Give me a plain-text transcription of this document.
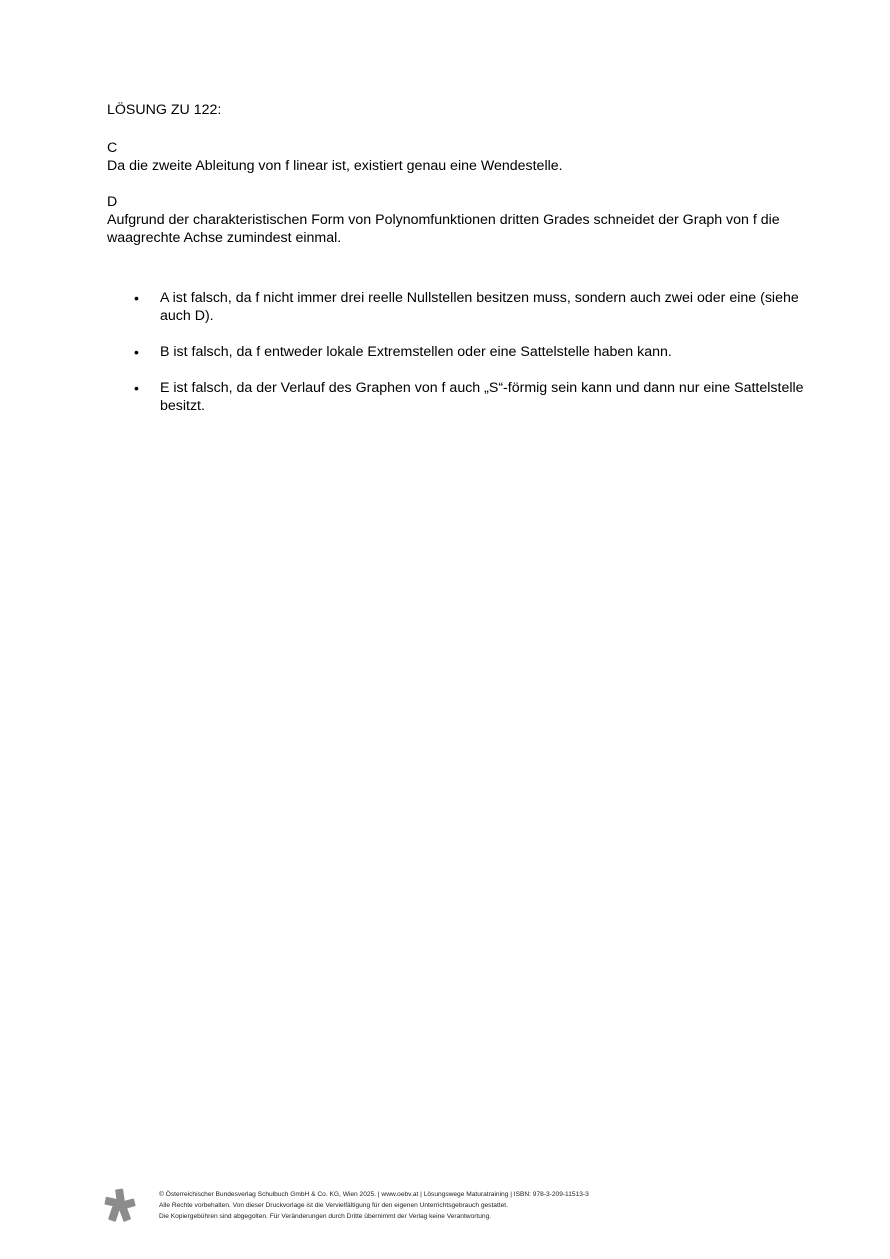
LÖSUNG ZU 122:

C

Da die zweite Ableitung von f linear ist, existiert genau eine Wendestelle.

D

Aufgrund der charakteristischen Form von Polynomfunktionen dritten Grades schneidet der Graph von f die waagrechte Achse zumindest einmal.

• A ist falsch, da f nicht immer drei reelle Nullstellen besitzen muss, sondern auch zwei oder eine (siehe auch D).
• B ist falsch, da f entweder lokale Extremstellen oder eine Sattelstelle haben kann.
• E ist falsch, da der Verlauf des Graphen von f auch „S“-förmig sein kann und dann nur eine Sattelstelle besitzt.
© Österreichischer Bundesverlag Schulbuch GmbH & Co. KG, Wien 2025. | www.oebv.at | Lösungswege Maturatraining | ISBN: 978-3-209-11513-3
Alle Rechte vorbehalten. Von dieser Druckvorlage ist die Vervielfältigung für den eigenen Unterrichtsgebrauch gestattet.
Die Kopiergebühren sind abgegolten. Für Veränderungen durch Dritte übernimmt der Verlag keine Verantwortung.
